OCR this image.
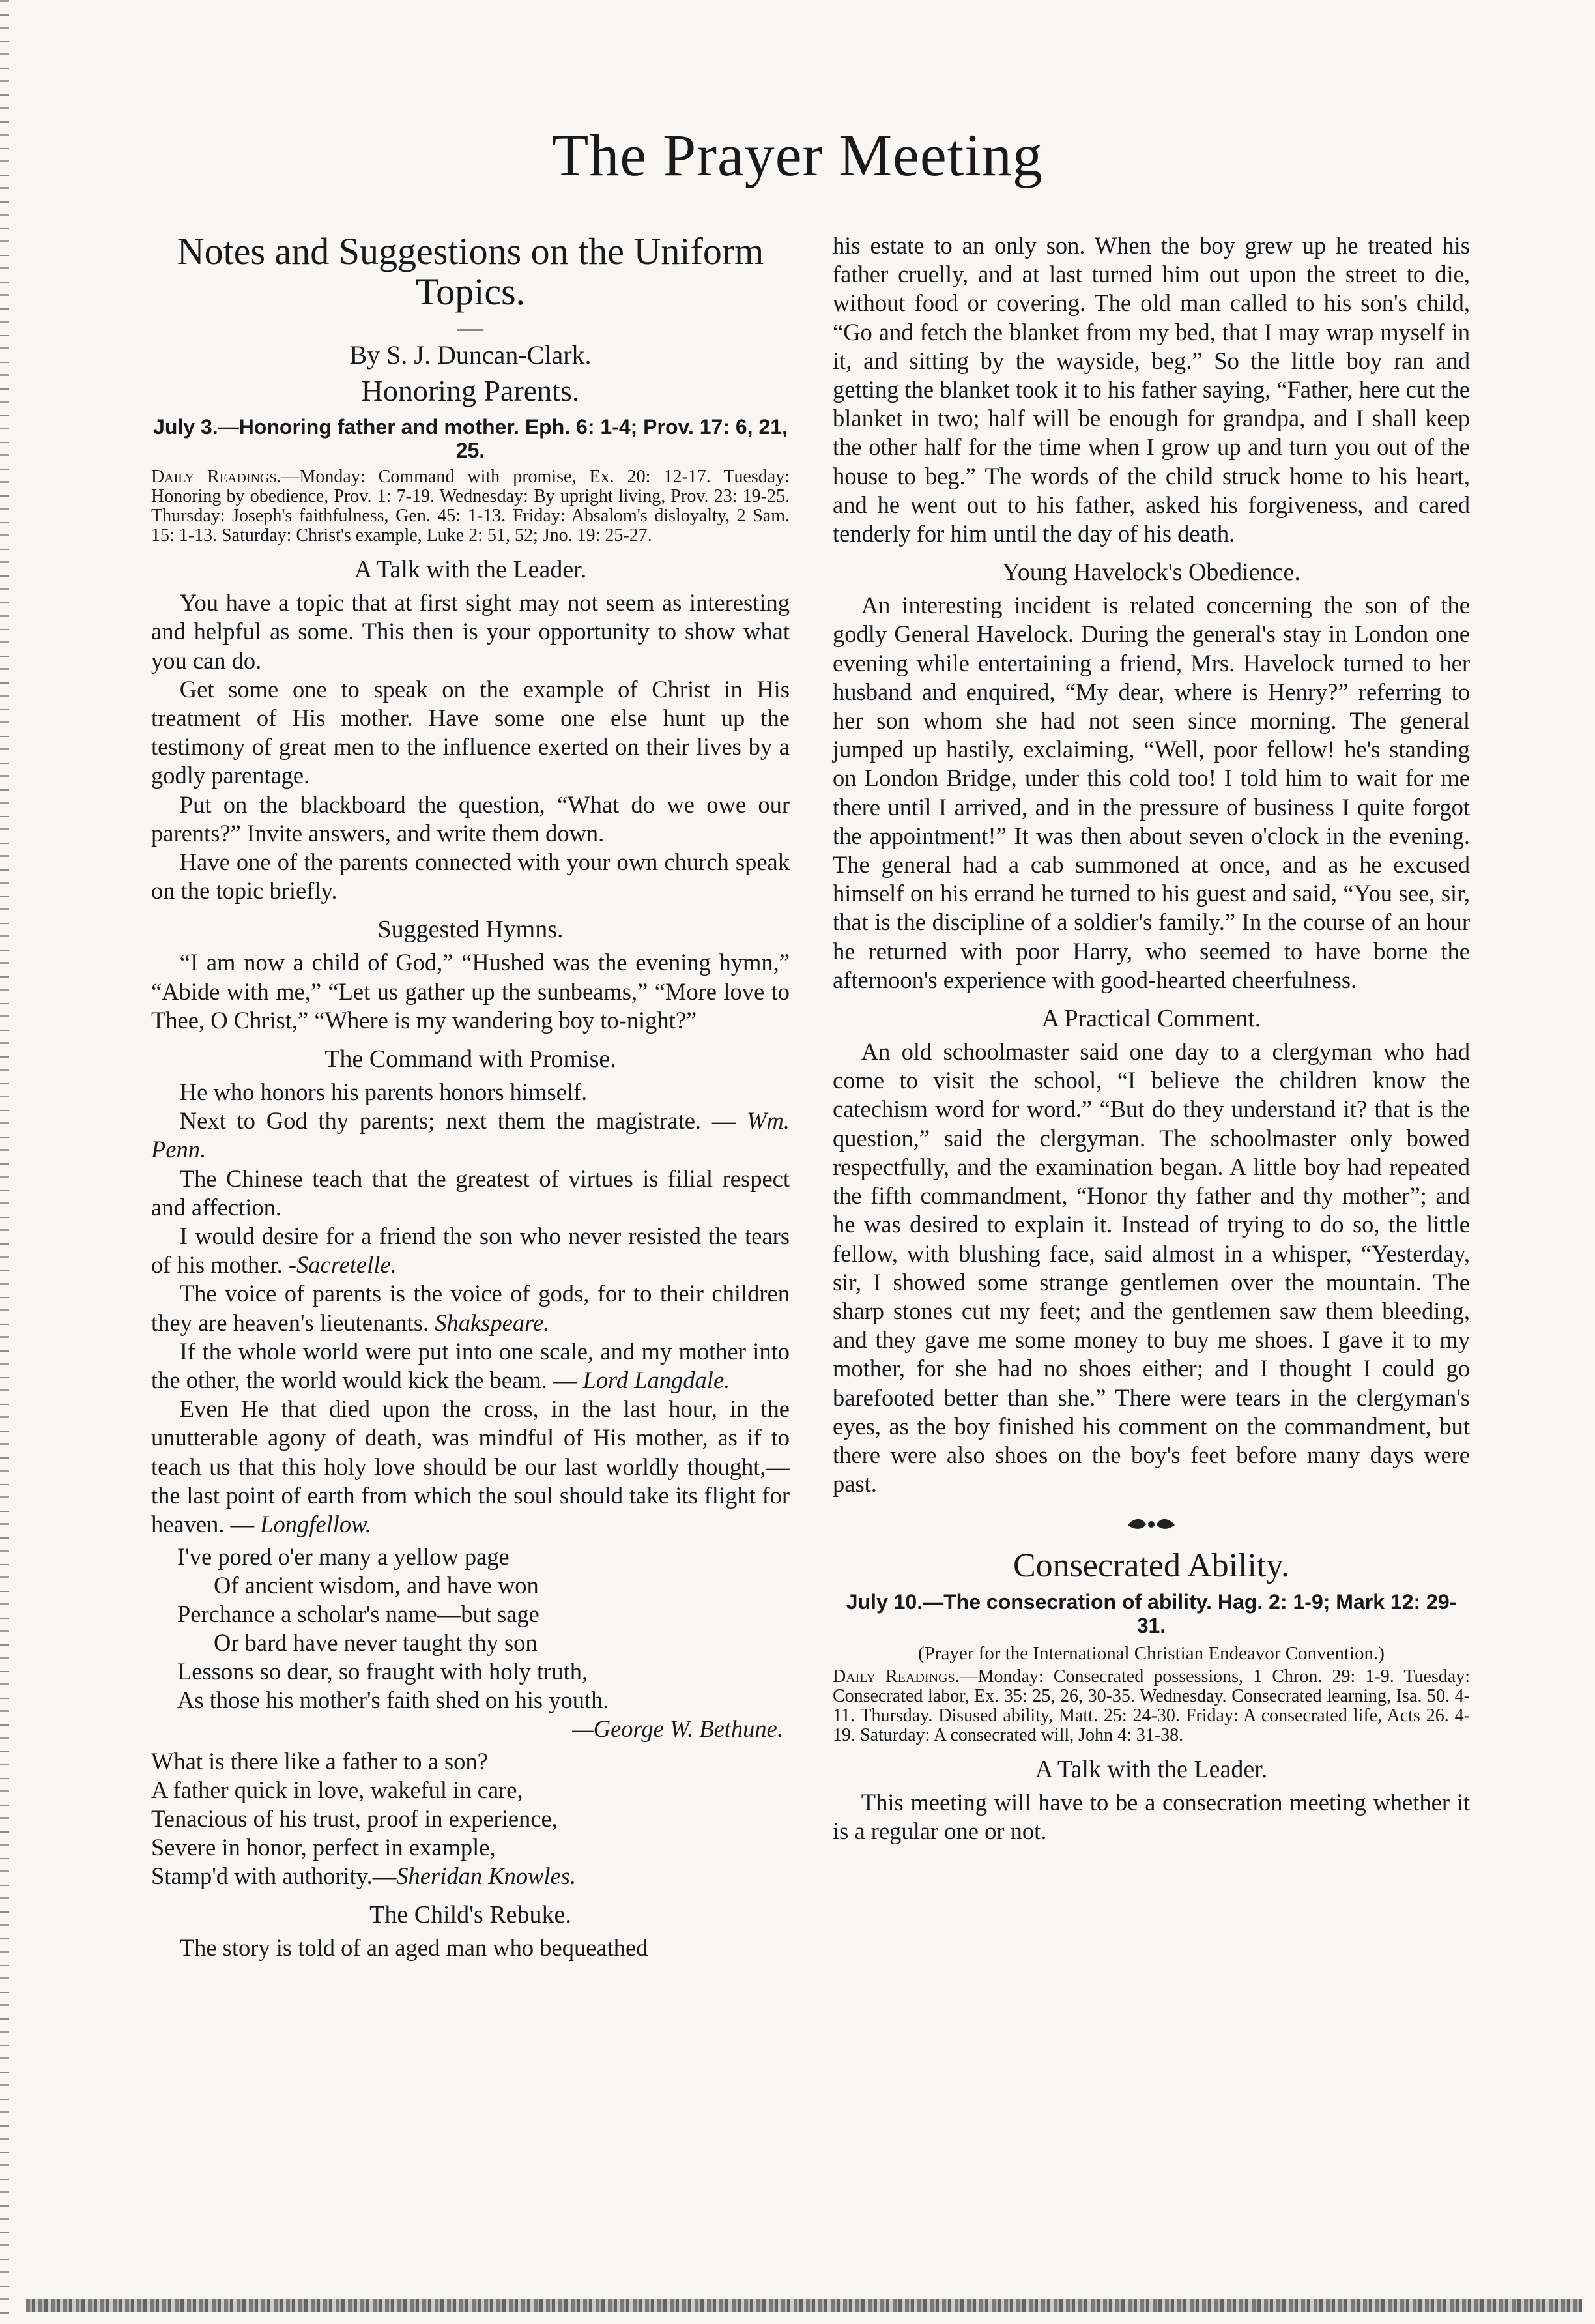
The Prayer Meeting
Notes and Suggestions on the Uniform Topics.
—
By S. J. Duncan-Clark.
Honoring Parents.
July 3.—Honoring father and mother. Eph. 6: 1-4; Prov. 17: 6, 21, 25.

Daily Readings.—Monday: Command with promise, Ex. 20: 12-17. Tuesday: Honoring by obedience, Prov. 1: 7-19. Wednesday: By upright living, Prov. 23: 19-25. Thursday: Joseph's faithfulness, Gen. 45: 1-13. Friday: Absalom's disloyalty, 2 Sam. 15: 1-13. Saturday: Christ's example, Luke 2: 51, 52; Jno. 19: 25-27.

A Talk with the Leader.

You have a topic that at first sight may not seem as interesting and helpful as some. This then is your opportunity to show what you can do.

Get some one to speak on the example of Christ in His treatment of His mother. Have some one else hunt up the testimony of great men to the influence exerted on their lives by a godly parentage.

Put on the blackboard the question, “What do we owe our parents?” Invite answers, and write them down.

Have one of the parents connected with your own church speak on the topic briefly.

Suggested Hymns.

“I am now a child of God,” “Hushed was the evening hymn,” “Abide with me,” “Let us gather up the sunbeams,” “More love to Thee, O Christ,” “Where is my wandering boy to-night?”

The Command with Promise.

He who honors his parents honors himself.

Next to God thy parents; next them the magistrate. — Wm. Penn.

The Chinese teach that the greatest of virtues is filial respect and affection.

I would desire for a friend the son who never resisted the tears of his mother. -Sacretelle.

The voice of parents is the voice of gods, for to their children they are heaven's lieutenants. Shakspeare.

If the whole world were put into one scale, and my mother into the other, the world would kick the beam. — Lord Langdale.

Even He that died upon the cross, in the last hour, in the unutterable agony of death, was mindful of His mother, as if to teach us that this holy love should be our last worldly thought,—the last point of earth from which the soul should take its flight for heaven. — Longfellow.

I've pored o'er many a yellow page
Of ancient wisdom, and have won
Perchance a scholar's name—but sage
Or bard have never taught thy son
Lessons so dear, so fraught with holy truth,
As those his mother's faith shed on his youth.
—George W. Bethune.
What is there like a father to a son?
A father quick in love, wakeful in care,
Tenacious of his trust, proof in experience,
Severe in honor, perfect in example,
Stamp'd with authority.—Sheridan Knowles.
The Child's Rebuke.

The story is told of an aged man who bequeathed

his estate to an only son. When the boy grew up he treated his father cruelly, and at last turned him out upon the street to die, without food or covering. The old man called to his son's child, “Go and fetch the blanket from my bed, that I may wrap myself in it, and sitting by the wayside, beg.” So the little boy ran and getting the blanket took it to his father saying, “Father, here cut the blanket in two; half will be enough for grandpa, and I shall keep the other half for the time when I grow up and turn you out of the house to beg.” The words of the child struck home to his heart, and he went out to his father, asked his forgiveness, and cared tenderly for him until the day of his death.

Young Havelock's Obedience.

An interesting incident is related concerning the son of the godly General Havelock. During the general's stay in London one evening while entertaining a friend, Mrs. Havelock turned to her husband and enquired, “My dear, where is Henry?” referring to her son whom she had not seen since morning. The general jumped up hastily, exclaiming, “Well, poor fellow! he's standing on London Bridge, under this cold too! I told him to wait for me there until I arrived, and in the pressure of business I quite forgot the appointment!” It was then about seven o'clock in the evening. The general had a cab summoned at once, and as he excused himself on his errand he turned to his guest and said, “You see, sir, that is the discipline of a soldier's family.” In the course of an hour he returned with poor Harry, who seemed to have borne the afternoon's experience with good-hearted cheerfulness.

A Practical Comment.

An old schoolmaster said one day to a clergyman who had come to visit the school, “I believe the children know the catechism word for word.” “But do they understand it? that is the question,” said the clergyman. The schoolmaster only bowed respectfully, and the examination began. A little boy had repeated the fifth commandment, “Honor thy father and thy mother”; and he was desired to explain it. Instead of trying to do so, the little fellow, with blushing face, said almost in a whisper, “Yesterday, sir, I showed some strange gentlemen over the mountain. The sharp stones cut my feet; and the gentlemen saw them bleeding, and they gave me some money to buy me shoes. I gave it to my mother, for she had no shoes either; and I thought I could go barefooted better than she.” There were tears in the clergyman's eyes, as the boy finished his comment on the commandment, but there were also shoes on the boy's feet before many days were past.

Consecrated Ability.
July 10.—The consecration of ability. Hag. 2: 1-9; Mark 12: 29-31.
(Prayer for the International Christian Endeavor Convention.)

Daily Readings.—Monday: Consecrated possessions, 1 Chron. 29: 1-9. Tuesday: Consecrated labor, Ex. 35: 25, 26, 30-35. Wednesday. Consecrated learning, Isa. 50. 4-11. Thursday. Disused ability, Matt. 25: 24-30. Friday: A consecrated life, Acts 26. 4-19. Saturday: A consecrated will, John 4: 31-38.

A Talk with the Leader.

This meeting will have to be a consecration meeting whether it is a regular one or not.
